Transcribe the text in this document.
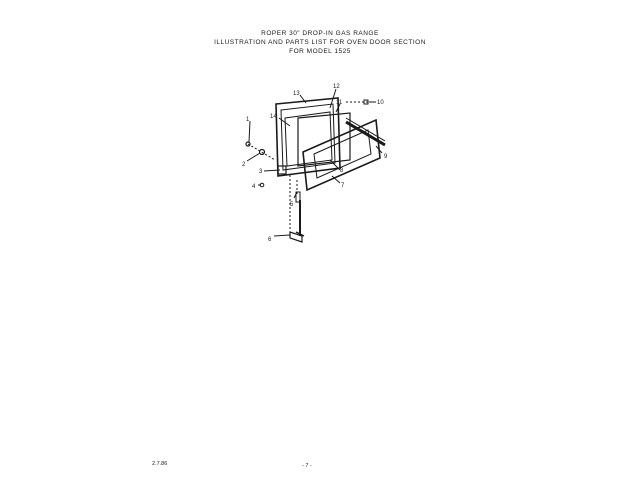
ROPER 30" DROP-IN GAS RANGE
ILLUSTRATION AND PARTS LIST FOR OVEN DOOR SECTION
FOR MODEL 1525
1
2
3
4
5
6
7
8
9
10
11
12
13
14
2.7.86	- 7 -
